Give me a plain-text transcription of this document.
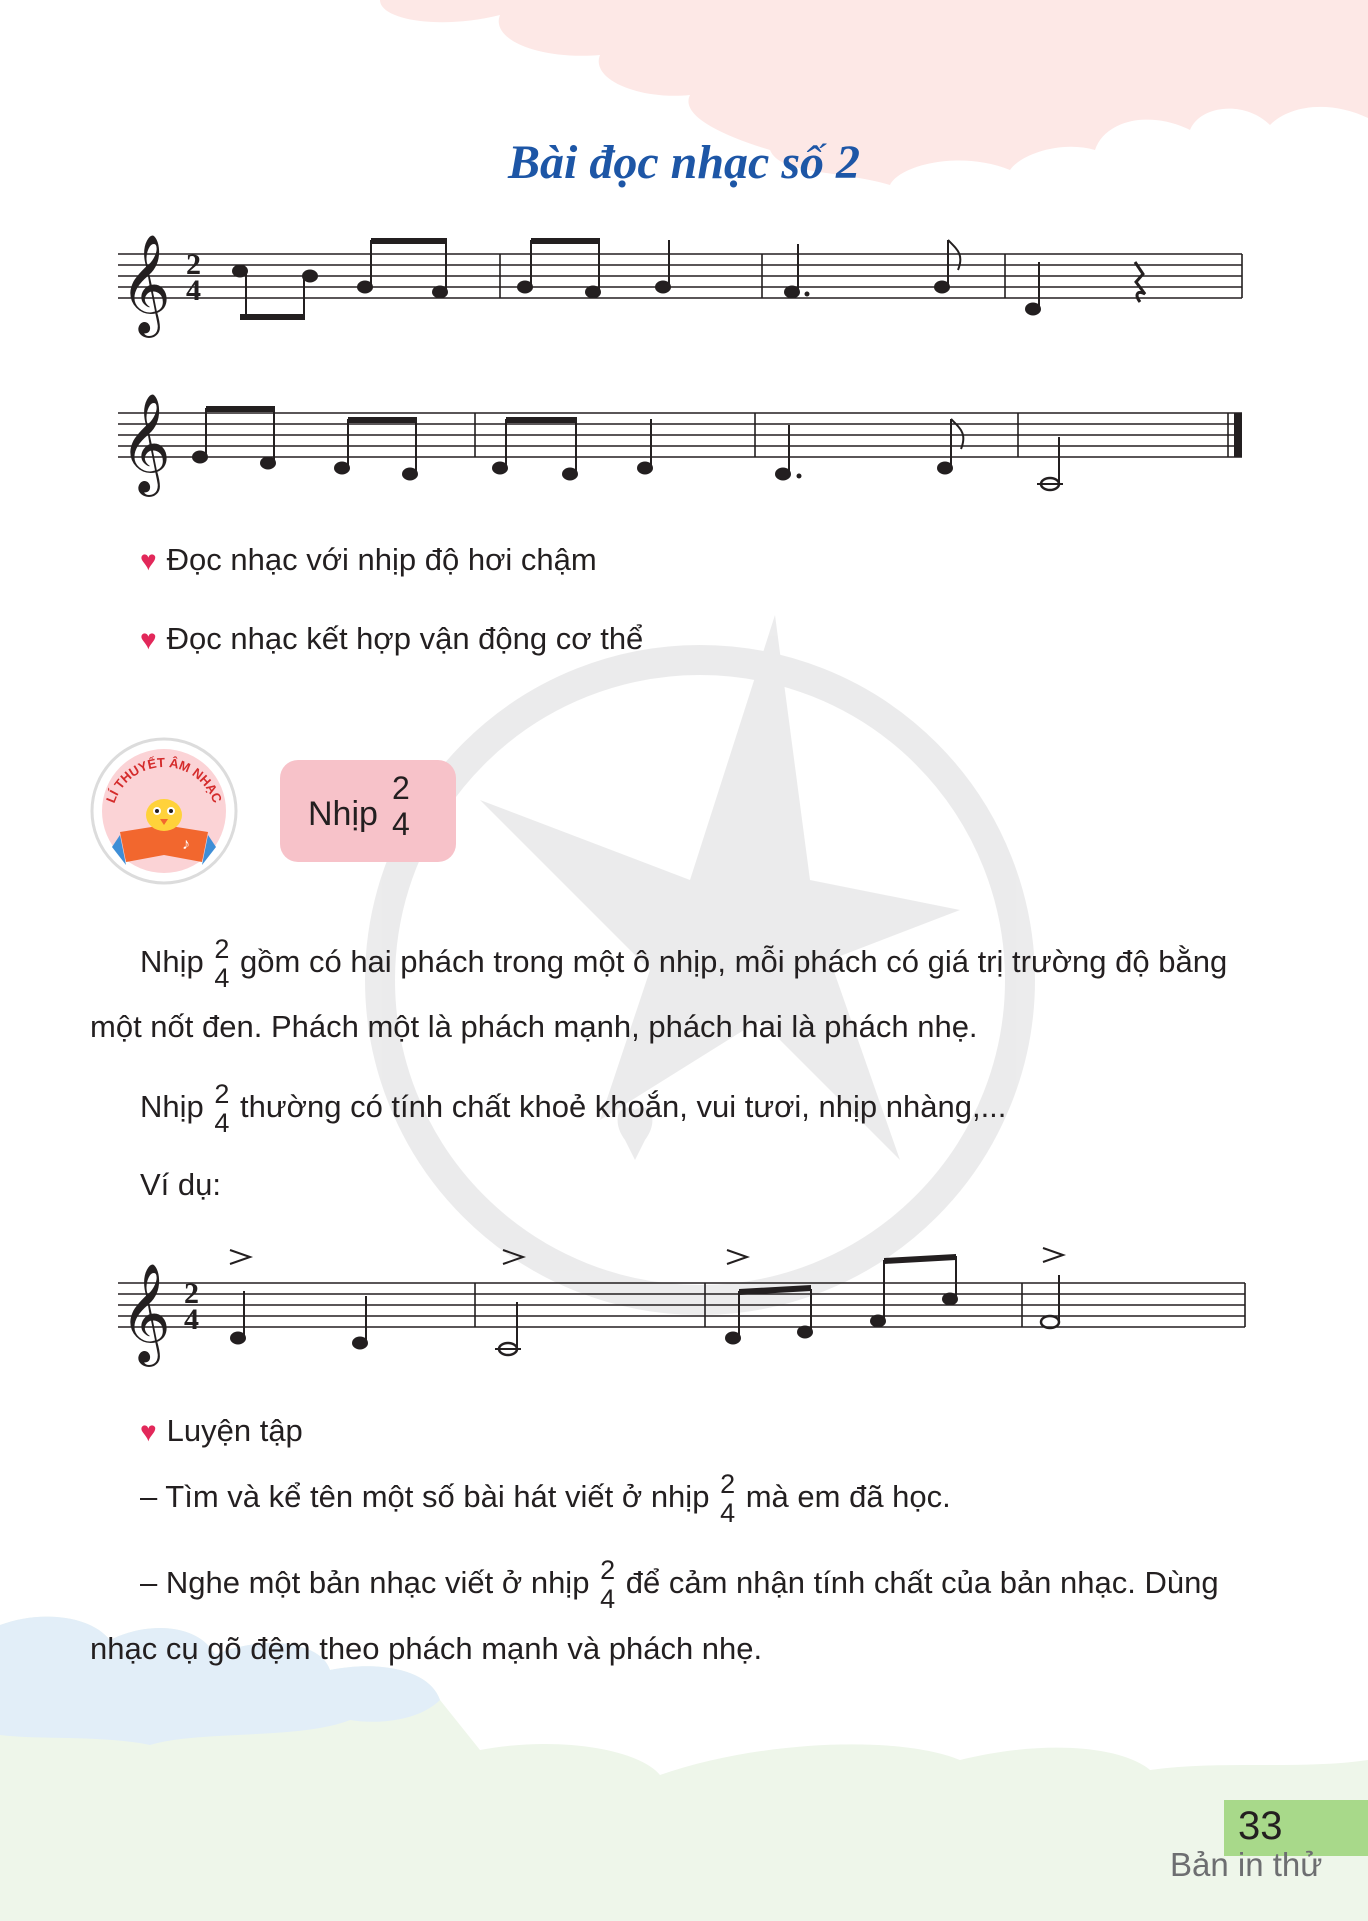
Bài đọc nhạc số 2
𝄞 2
4
𝄞
♥ Đọc nhạc với nhịp độ hơi chậm
♥ Đọc nhạc kết hợp vận động cơ thể
LÍ THUYẾT ÂM NHẠC
♪
Nhịp
2
4
Nhịp 2
4 gồm có hai phách trong một ô nhịp, mỗi phách có giá trị trường độ bằng
một nốt đen. Phách một là phách mạnh, phách hai là phách nhẹ.
Nhịp 2
4 thường có tính chất khoẻ khoắn, vui tươi, nhịp nhàng,...
Ví dụ:
𝄞 2
4
♥ Luyện tập
– Tìm và kể tên một số bài hát viết ở nhịp 2
4 mà em đã học.
– Nghe một bản nhạc viết ở nhịp 2
4 để cảm nhận tính chất của bản nhạc. Dùng
nhạc cụ gõ đệm theo phách mạnh và phách nhẹ.
33
Bản in thử
